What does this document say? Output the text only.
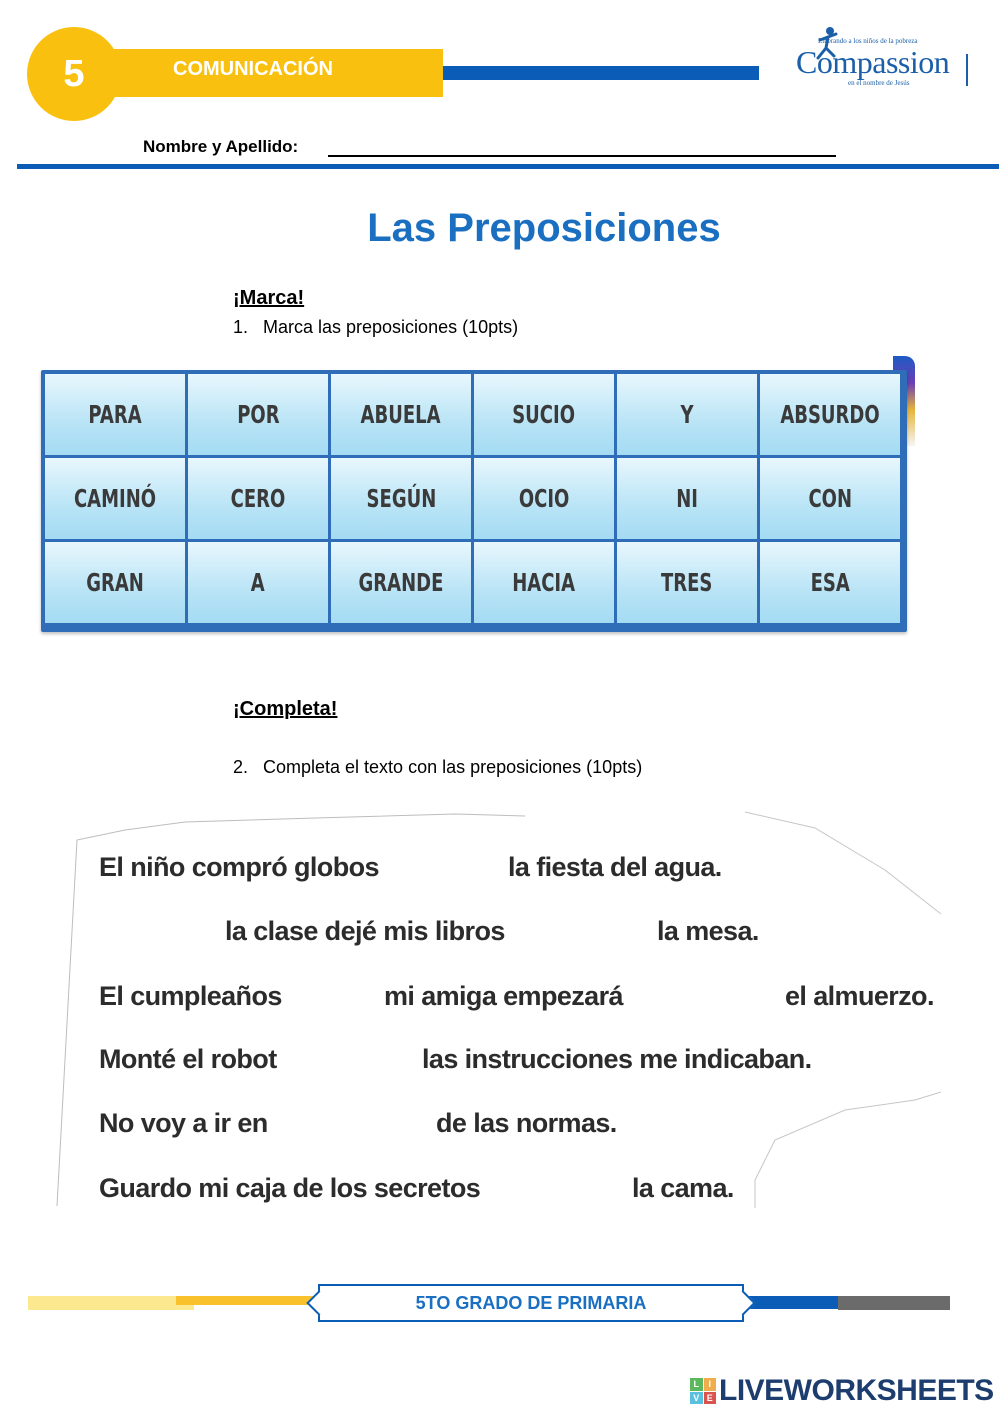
5	COMUNICACIÓN
Liberando a los niños de la pobreza
Compassion
en el nombre de Jesús
Nombre y Apellido:
Las Preposiciones
¡Marca!
1. Marca las preposiciones (10pts)
PARA	POR	ABUELA	SUCIO	Y	ABSURDO
CAMINÓ	CERO	SEGÚN	OCIO	NI	CON
GRAN	A	GRANDE	HACIA	TRES	ESA
¡Completa!
2. Completa el texto con las preposiciones (10pts)
El niño compró globos	la fiesta del agua.
la clase dejé mis libros	la mesa.
El cumpleaños	mi amiga empezará	el almuerzo.
Monté el robot	las instrucciones me indicaban.
No voy a ir en	de las normas.
Guardo mi caja de los secretos	la cama.
5TO GRADO DE PRIMARIA
L	I
V E LIVEWORKSHEETS
